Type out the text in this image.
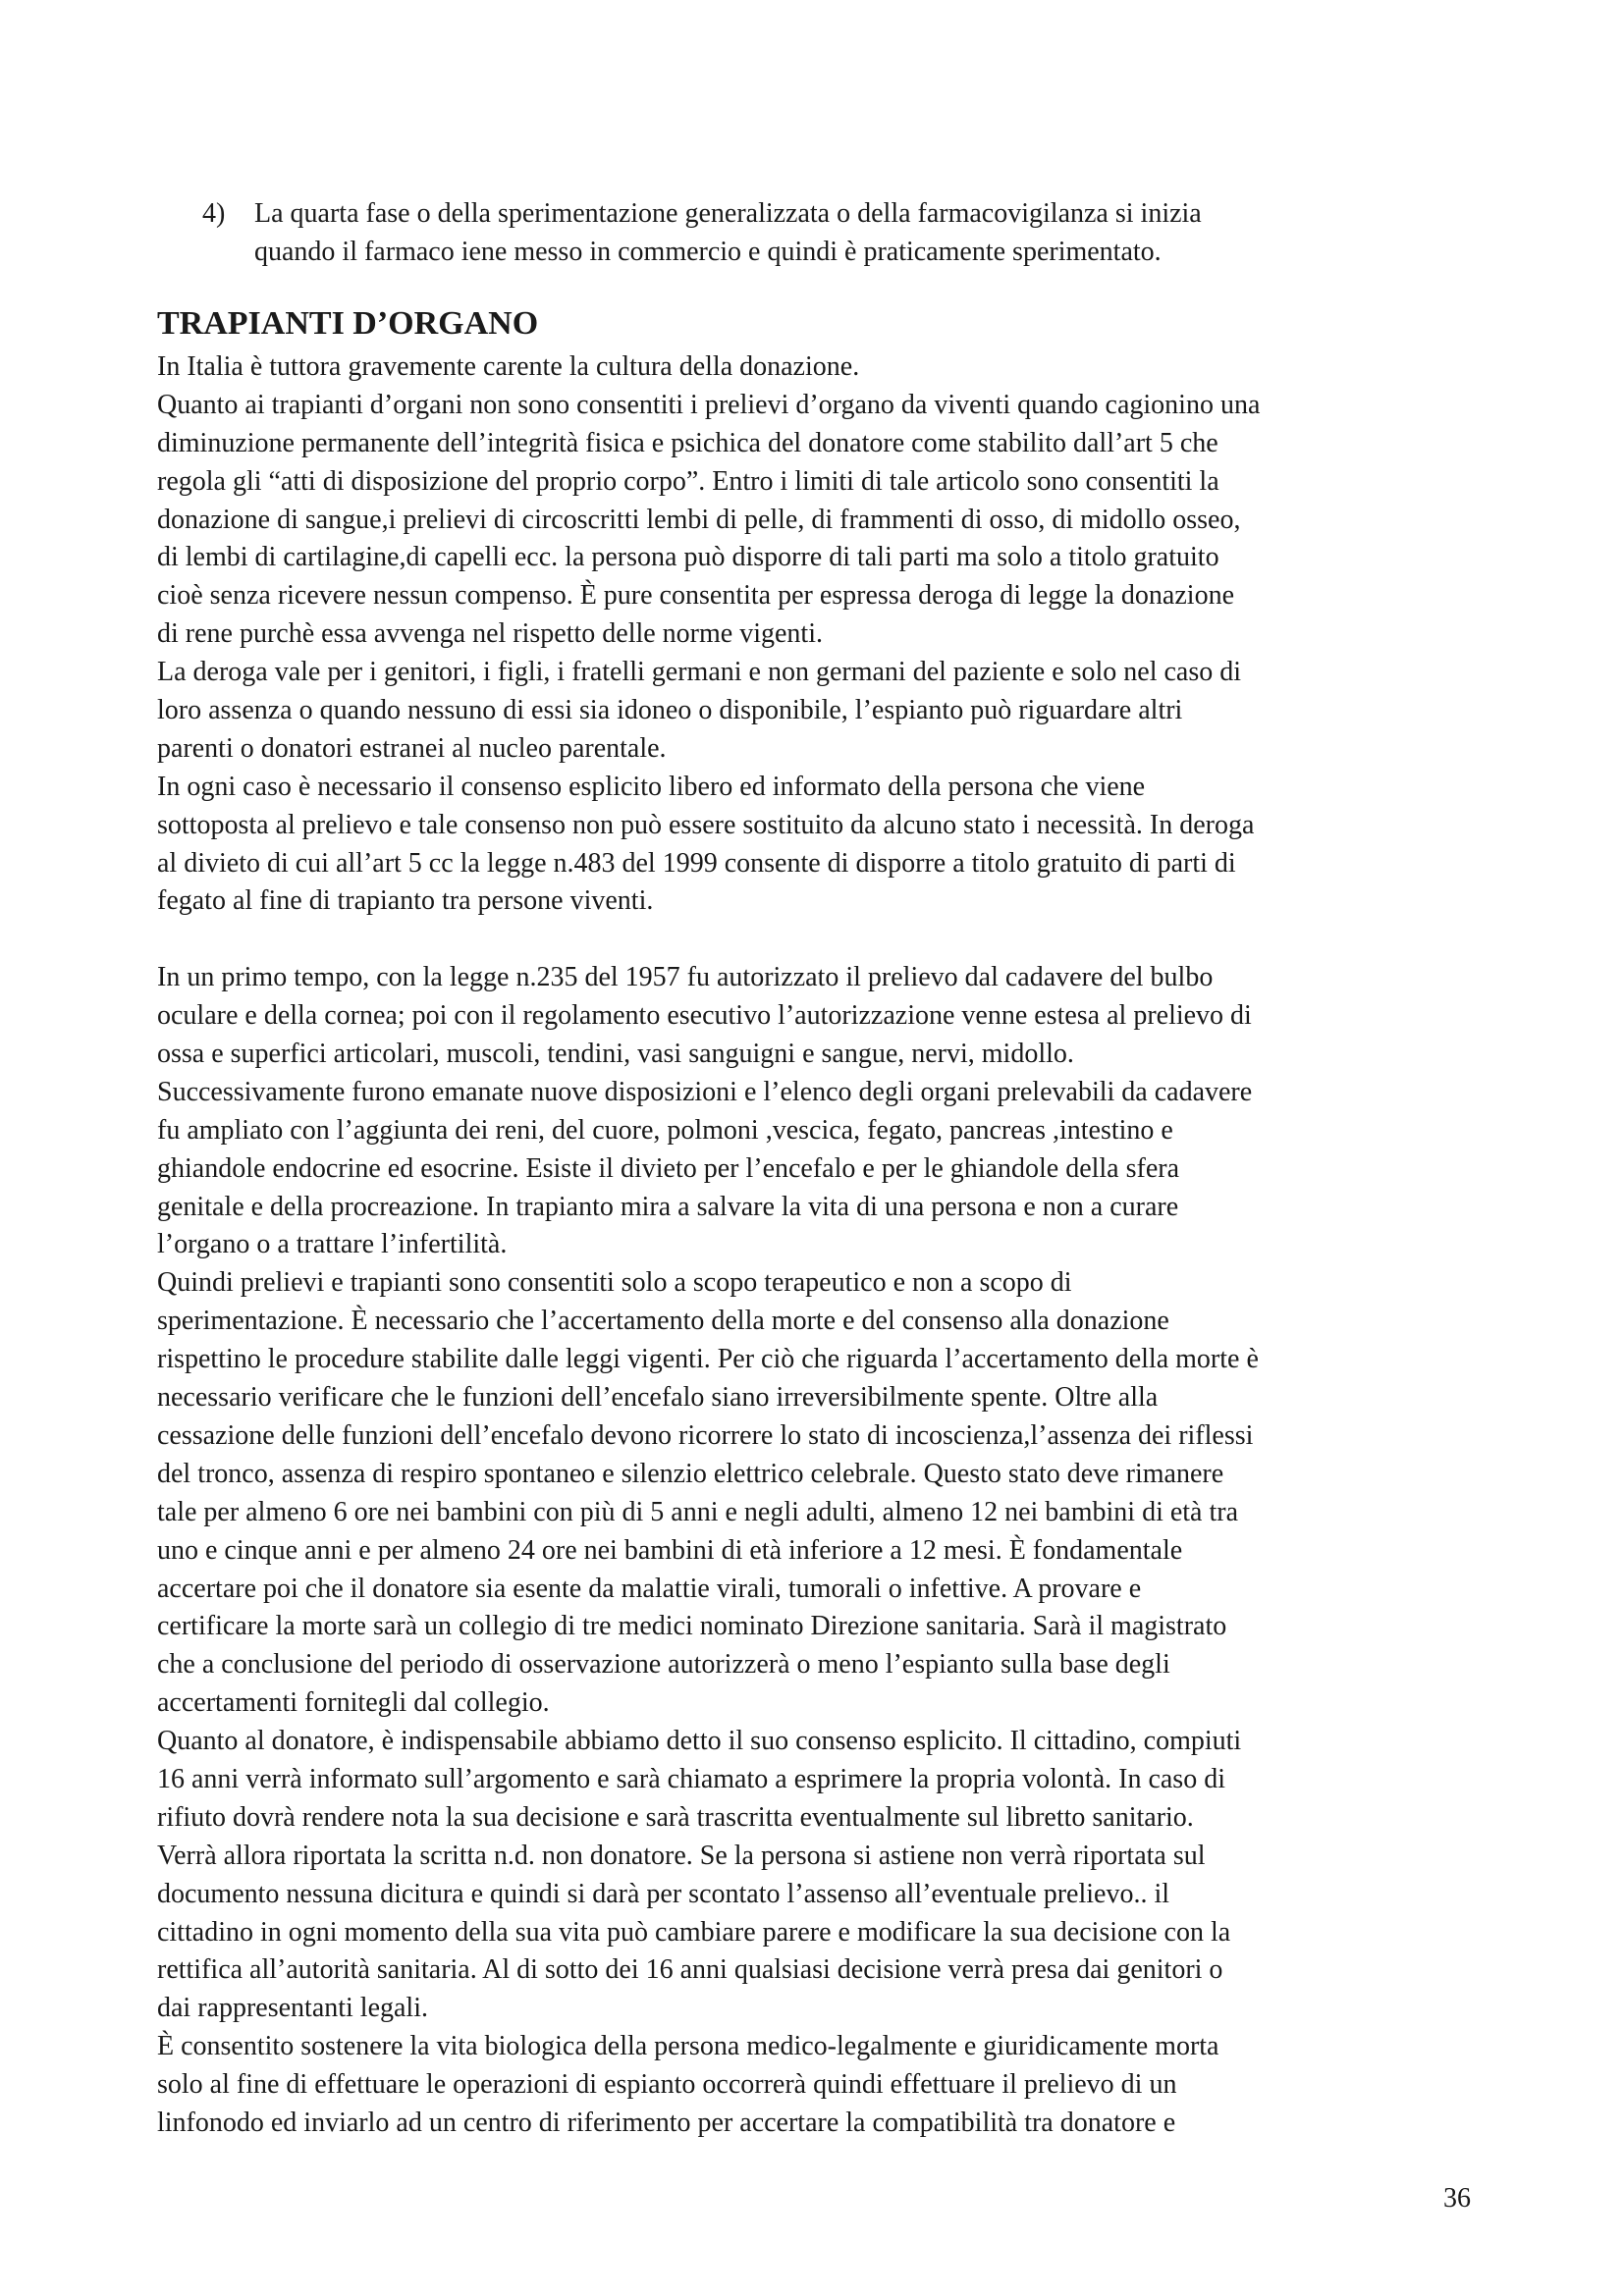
4)	La quarta fase o della sperimentazione generalizzata o della farmacovigilanza si inizia
quando il farmaco iene messo in commercio e quindi è praticamente sperimentato.
TRAPIANTI D’ORGANO
In Italia è tuttora gravemente carente la cultura della donazione.
Quanto ai trapianti d’organi non sono consentiti i prelievi d’organo da viventi quando cagionino una
diminuzione permanente dell’integrità fisica e psichica del donatore come stabilito dall’art 5 che
regola gli “atti di disposizione del proprio corpo”. Entro i limiti di tale articolo sono consentiti la
donazione di sangue,i prelievi di circoscritti lembi di pelle, di frammenti di osso, di midollo osseo,
di lembi di cartilagine,di capelli ecc. la persona può disporre di tali parti ma solo a titolo gratuito
cioè senza ricevere nessun compenso. È pure consentita per espressa deroga di legge la donazione
di rene purchè essa avvenga nel rispetto delle norme vigenti.
La deroga vale per i genitori, i figli, i fratelli germani e non germani del paziente e solo nel caso di
loro assenza o quando nessuno di essi sia idoneo o disponibile, l’espianto può riguardare altri
parenti o donatori estranei al nucleo parentale.
In ogni caso è necessario il consenso esplicito libero ed informato della persona che viene
sottoposta al prelievo e tale consenso non può essere sostituito da alcuno stato i necessità. In deroga
al divieto di cui all’art 5 cc la legge n.483 del 1999 consente di disporre a titolo gratuito di parti di
fegato al fine di trapianto tra persone viventi.
In un primo tempo, con la legge n.235 del 1957 fu autorizzato il prelievo dal cadavere del bulbo
oculare e della cornea; poi con il regolamento esecutivo l’autorizzazione venne estesa al prelievo di
ossa e superfici articolari, muscoli, tendini, vasi sanguigni e sangue, nervi, midollo.
Successivamente furono emanate nuove disposizioni e l’elenco degli organi prelevabili da cadavere
fu ampliato con l’aggiunta dei reni, del cuore, polmoni ,vescica, fegato, pancreas ,intestino e
ghiandole endocrine ed esocrine. Esiste il divieto per l’encefalo e per le ghiandole della sfera
genitale e della procreazione. In trapianto mira a salvare la vita di una persona e non a curare
l’organo o a trattare l’infertilità.
Quindi prelievi e trapianti sono consentiti solo a scopo terapeutico e non a scopo di
sperimentazione. È necessario che l’accertamento della morte e del consenso alla donazione
rispettino le procedure stabilite dalle leggi vigenti. Per ciò che riguarda l’accertamento della morte è
necessario verificare che le funzioni dell’encefalo siano irreversibilmente spente. Oltre alla
cessazione delle funzioni dell’encefalo devono ricorrere lo stato di incoscienza,l’assenza dei riflessi
del tronco, assenza di respiro spontaneo e silenzio elettrico celebrale. Questo stato deve rimanere
tale per almeno 6 ore nei bambini con più di 5 anni e negli adulti, almeno 12 nei bambini di età tra
uno e cinque anni e per almeno 24 ore nei bambini di età inferiore a 12 mesi. È fondamentale
accertare poi che il donatore sia esente da malattie virali, tumorali o infettive. A provare e
certificare la morte sarà un collegio di tre medici nominato Direzione sanitaria. Sarà il magistrato
che a conclusione del periodo di osservazione autorizzerà o meno l’espianto sulla base degli
accertamenti fornitegli dal collegio.
Quanto al donatore, è indispensabile abbiamo detto il suo consenso esplicito. Il cittadino, compiuti
16 anni verrà informato sull’argomento e sarà chiamato a esprimere la propria volontà. In caso di
rifiuto dovrà rendere nota la sua decisione e sarà trascritta eventualmente sul libretto sanitario.
Verrà allora riportata la scritta n.d. non donatore. Se la persona si astiene non verrà riportata sul
documento nessuna dicitura e quindi si darà per scontato l’assenso all’eventuale prelievo.. il
cittadino in ogni momento della sua vita può cambiare parere e modificare la sua decisione con la
rettifica all’autorità sanitaria. Al di sotto dei 16 anni qualsiasi decisione verrà presa dai genitori o
dai rappresentanti legali.
È consentito sostenere la vita biologica della persona medico-legalmente e giuridicamente morta
solo al fine di effettuare le operazioni di espianto occorrerà quindi effettuare il prelievo di un
linfonodo ed inviarlo ad un centro di riferimento per accertare la compatibilità tra donatore e
36
